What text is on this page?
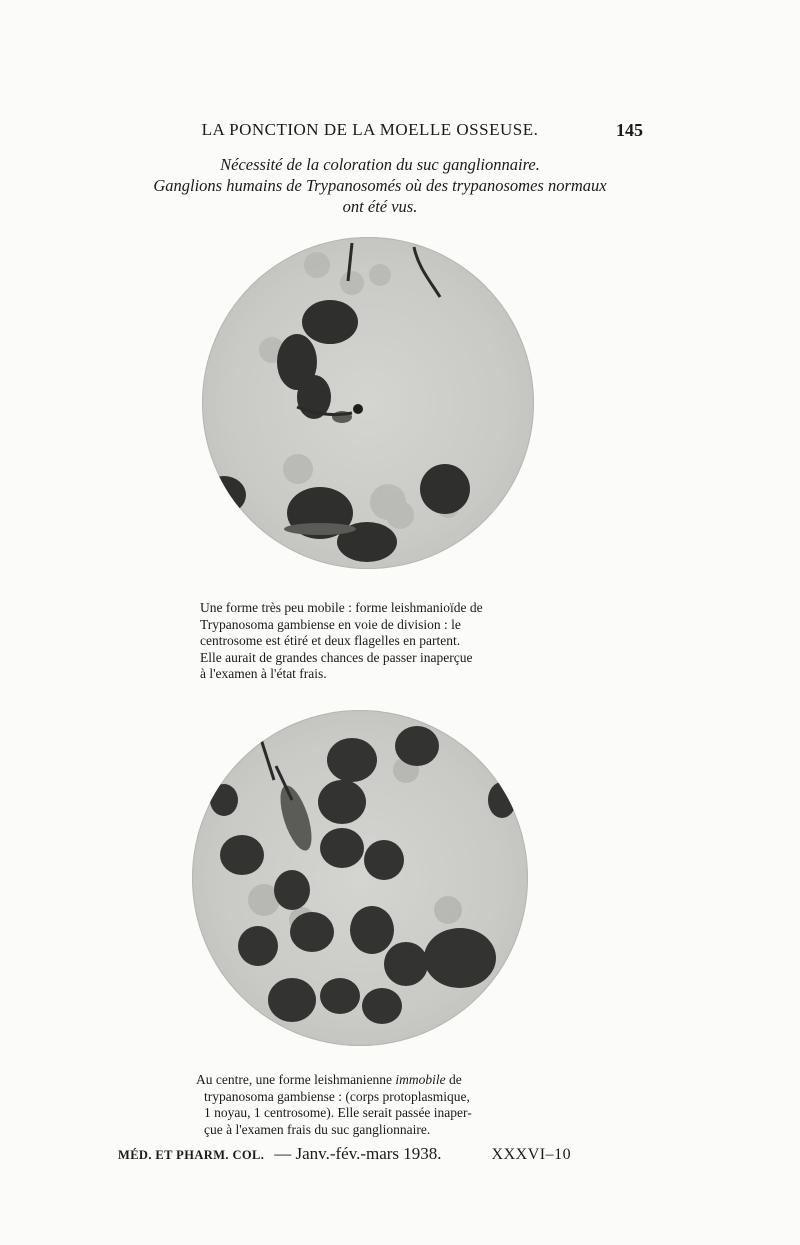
LA PONCTION DE LA MOELLE OSSEUSE.	145
Nécessité de la coloration du suc ganglionnaire.
Ganglions humains de Trypanosomés où des trypanosomes normaux
ont été vus.

Une forme très peu mobile : forme leishmanioïde de

Trypanosoma gambiense en voie de division : le

centrosome est étiré et deux flagelles en partent.

Elle aurait de grandes chances de passer inaperçue

à l'examen à l'état frais.

Au centre, une forme leishmanienne immobile de

trypanosoma gambiense : (corps protoplasmique,

1 noyau, 1 centrosome). Elle serait passée inaper-

çue à l'examen frais du suc ganglionnaire.

MÉD. ET PHARM. COL. — Janv.-fév.-mars 1938.	XXXVI–10
